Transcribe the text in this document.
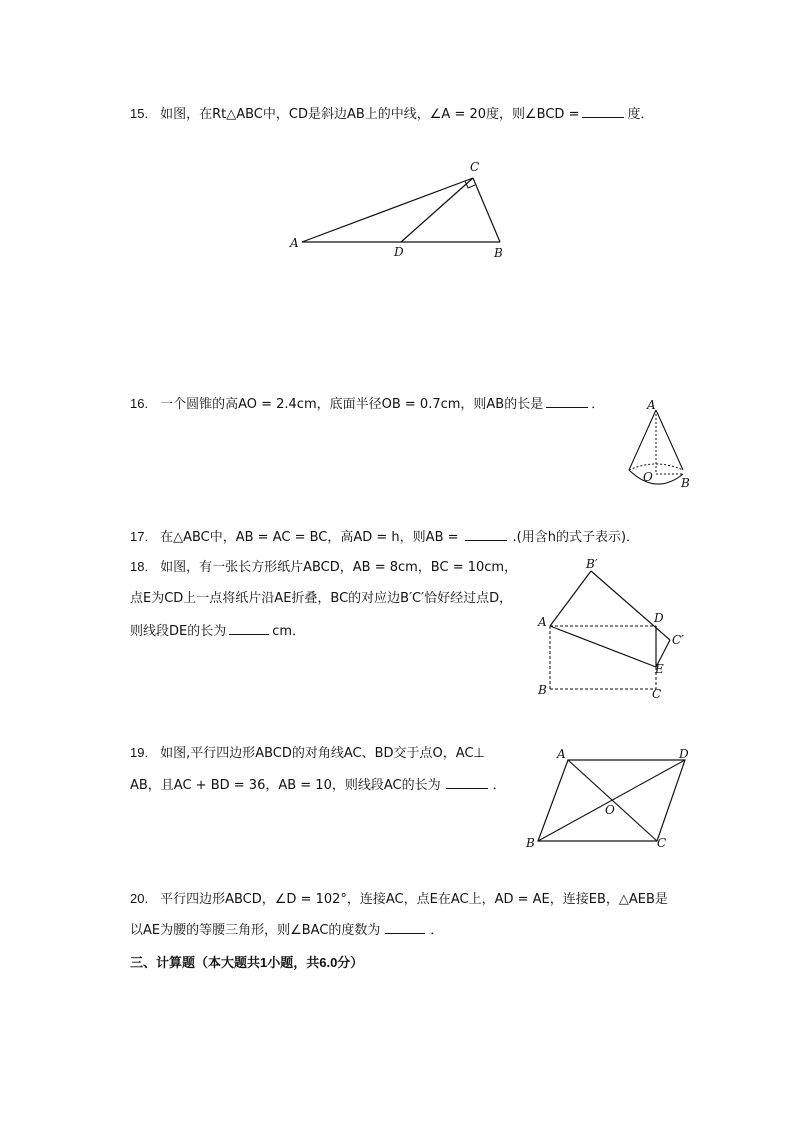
15. 如图，在Rt△ABC中，CD是斜边AB上的中线，∠A = 20度，则∠BCD =	度．
A
B
C
D
16. 一个圆锥的高AO = 2.4cm，底面半径OB = 0.7cm，则AB的长是	．	A
O B
17. 在△ABC中，AB = AC = BC，高AD = h，则AB =	.(用含h的式子表示)．
18. 如图，有一张长方形纸片ABCD，AB = 8cm，BC = 10cm，
点E为CD上一点将纸片沿AE折叠，BC的对应边B′C′恰好经过点D，
则线段DE的长为	cm．
A
B	C
D
E
B′
C′
19. 如图,平行四边形ABCD的对角线AC、BD交于点O，AC⊥
AB，且AC + BD = 36，AB = 10，则线段AC的长为	．
A	D
B	C
O
20. 平行四边形ABCD，∠D = 102°，连接AC，点E在AC上，AD = AE，连接EB，△AEB是
以AE为腰的等腰三角形，则∠BAC的度数为	．
三、计算题（本大题共1小题，共6.0分）
